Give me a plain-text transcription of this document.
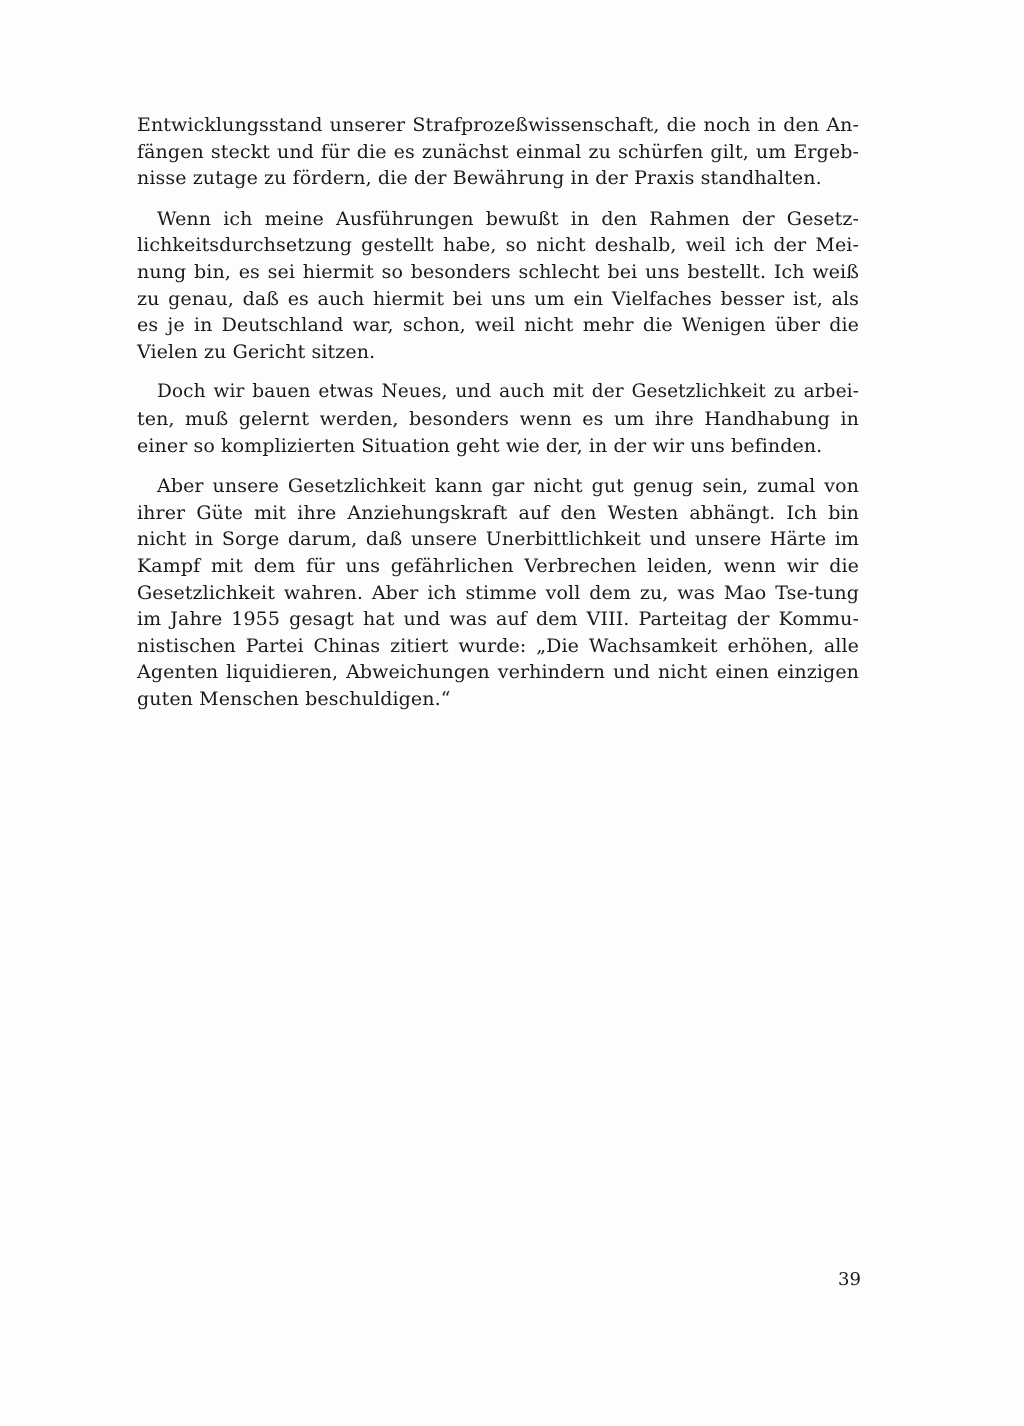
Entwicklungsstand unserer Strafprozeßwissenschaft, die noch in den An-
fängen steckt und für die es zunächst einmal zu schürfen gilt, um Ergeb-
nisse zutage zu fördern, die der Bewährung in der Praxis standhalten.

Wenn ich meine Ausführungen bewußt in den Rahmen der Gesetz-
lichkeitsdurchsetzung gestellt habe, so nicht deshalb, weil ich der Mei-
nung bin, es sei hiermit so besonders schlecht bei uns bestellt. Ich weiß
zu genau, daß es auch hiermit bei uns um ein Vielfaches besser ist, als
es je in Deutschland war, schon, weil nicht mehr die Wenigen über die
Vielen zu Gericht sitzen.

Doch wir bauen etwas Neues, und auch mit der Gesetzlichkeit zu arbei-
ten, muß gelernt werden, besonders wenn es um ihre Handhabung in
einer so komplizierten Situation geht wie der, in der wir uns befinden.

Aber unsere Gesetzlichkeit kann gar nicht gut genug sein, zumal von
ihrer Güte mit ihre Anziehungskraft auf den Westen abhängt. Ich bin
nicht in Sorge darum, daß unsere Unerbittlichkeit und unsere Härte im
Kampf mit dem für uns gefährlichen Verbrechen leiden, wenn wir die
Gesetzlichkeit wahren. Aber ich stimme voll dem zu, was Mao Tse-tung
im Jahre 1955 gesagt hat und was auf dem VIII. Parteitag der Kommu-
nistischen Partei Chinas zitiert wurde: „Die Wachsamkeit erhöhen, alle
Agenten liquidieren, Abweichungen verhindern und nicht einen einzigen
guten Menschen beschuldigen.“

39
